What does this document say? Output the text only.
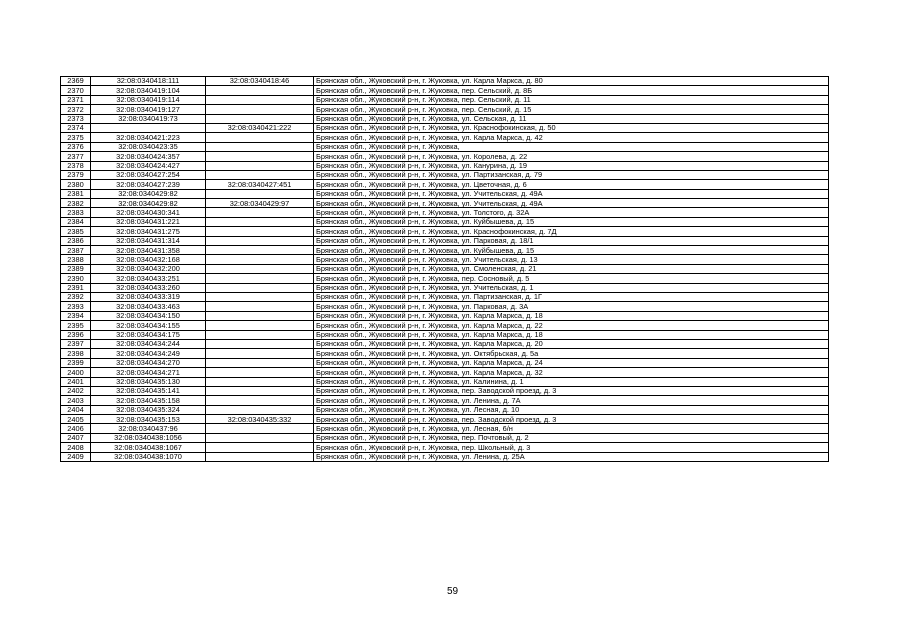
2369	32:08:0340418:111	32:08:0340418:46	Брянская обл., Жуковский р-н, г. Жуковка, ул. Карла Маркса, д. 80
2370	32:08:0340419:104		Брянская обл., Жуковский р-н, г. Жуковка, пер. Сельский, д. 8Б
2371	32:08:0340419:114		Брянская обл., Жуковский р-н, г. Жуковка, пер. Сельский, д. 11
2372	32:08:0340419:127		Брянская обл., Жуковский р-н, г. Жуковка, пер. Сельский, д. 15
2373	32:08:0340419:73		Брянская обл., Жуковский р-н, г. Жуковка, ул. Сельская, д. 11
2374		32:08:0340421:222	Брянская обл., Жуковский р-н, г. Жуковка, ул. Краснофокинская, д. 50
2375	32:08:0340421:223		Брянская обл., Жуковский р-н, г. Жуковка, ул. Карла Маркса, д. 42
2376	32:08:0340423:35		Брянская обл., Жуковский р-н, г. Жуковка,
2377	32:08:0340424:357		Брянская обл., Жуковский р-н, г. Жуковка, ул. Королева, д. 22
2378	32:08:0340424:427		Брянская обл., Жуковский р-н, г. Жуковка, ул. Канурина, д. 19
2379	32:08:0340427:254		Брянская обл., Жуковский р-н, г. Жуковка, ул. Партизанская, д. 79
2380	32:08:0340427:239	32:08:0340427:451	Брянская обл., Жуковский р-н, г. Жуковка, ул. Цветочная, д. 6
2381	32:08:0340429:82		Брянская обл., Жуковский р-н, г. Жуковка, ул. Учительская, д. 49А
2382	32:08:0340429:82	32:08:0340429:97	Брянская обл., Жуковский р-н, г. Жуковка, ул. Учительская, д. 49А
2383	32:08:0340430:341		Брянская обл., Жуковский р-н, г. Жуковка, ул. Толстого, д. 32А
2384	32:08:0340431:221		Брянская обл., Жуковский р-н, г. Жуковка, ул. Куйбышева, д. 15
2385	32:08:0340431:275		Брянская обл., Жуковский р-н, г. Жуковка, ул. Краснофокинская, д. 7Д
2386	32:08:0340431:314		Брянская обл., Жуковский р-н, г. Жуковка, ул. Парковая, д. 18/1
2387	32:08:0340431:358		Брянская обл., Жуковский р-н, г. Жуковка, ул. Куйбышева, д. 15
2388	32:08:0340432:168		Брянская обл., Жуковский р-н, г. Жуковка, ул. Учительская, д. 13
2389	32:08:0340432:200		Брянская обл., Жуковский р-н, г. Жуковка, ул. Смоленская, д. 21
2390	32:08:0340433:251		Брянская обл., Жуковский р-н, г. Жуковка, пер. Сосновый, д. 5
2391	32:08:0340433:260		Брянская обл., Жуковский р-н, г. Жуковка, ул. Учительская, д. 1
2392	32:08:0340433:319		Брянская обл., Жуковский р-н, г. Жуковка, ул. Партизанская, д. 1Г
2393	32:08:0340433:463		Брянская обл., Жуковский р-н, г. Жуковка, ул. Парковая, д. 3А
2394	32:08:0340434:150		Брянская обл., Жуковский р-н, г. Жуковка, ул. Карла Маркса, д. 18
2395	32:08:0340434:155		Брянская обл., Жуковский р-н, г. Жуковка, ул. Карла Маркса, д. 22
2396	32:08:0340434:175		Брянская обл., Жуковский р-н, г. Жуковка, ул. Карла Маркса, д. 18
2397	32:08:0340434:244		Брянская обл., Жуковский р-н, г. Жуковка, ул. Карла Маркса, д. 20
2398	32:08:0340434:249		Брянская обл., Жуковский р-н, г. Жуковка, ул. Октябрьская, д. 5а
2399	32:08:0340434:270		Брянская обл., Жуковский р-н, г. Жуковка, ул. Карла Маркса, д. 24
2400	32:08:0340434:271		Брянская обл., Жуковский р-н, г. Жуковка, ул. Карла Маркса, д. 32
2401	32:08:0340435:130		Брянская обл., Жуковский р-н, г. Жуковка, ул. Калинина, д. 1
2402	32:08:0340435:141		Брянская обл., Жуковский р-н, г. Жуковка, пер. Заводской проезд, д. 3
2403	32:08:0340435:158		Брянская обл., Жуковский р-н, г. Жуковка, ул. Ленина, д. 7А
2404	32:08:0340435:324		Брянская обл., Жуковский р-н, г. Жуковка, ул. Лесная, д. 10
2405	32:08:0340435:153	32:08:0340435:332	Брянская обл., Жуковский р-н, г. Жуковка, пер. Заводской проезд, д. 3
2406	32:08:0340437:96		Брянская обл., Жуковский р-н, г. Жуковка, ул. Лесная, 6/н
2407	32:08:0340438:1056		Брянская обл., Жуковский р-н, г. Жуковка, пер. Почтовый, д. 2
2408	32:08:0340438:1067		Брянская обл., Жуковский р-н, г. Жуковка, пер. Школьный, д. 3
2409	32:08:0340438:1070		Брянская обл., Жуковский р-н, г. Жуковка, ул. Ленина, д. 25А
59
